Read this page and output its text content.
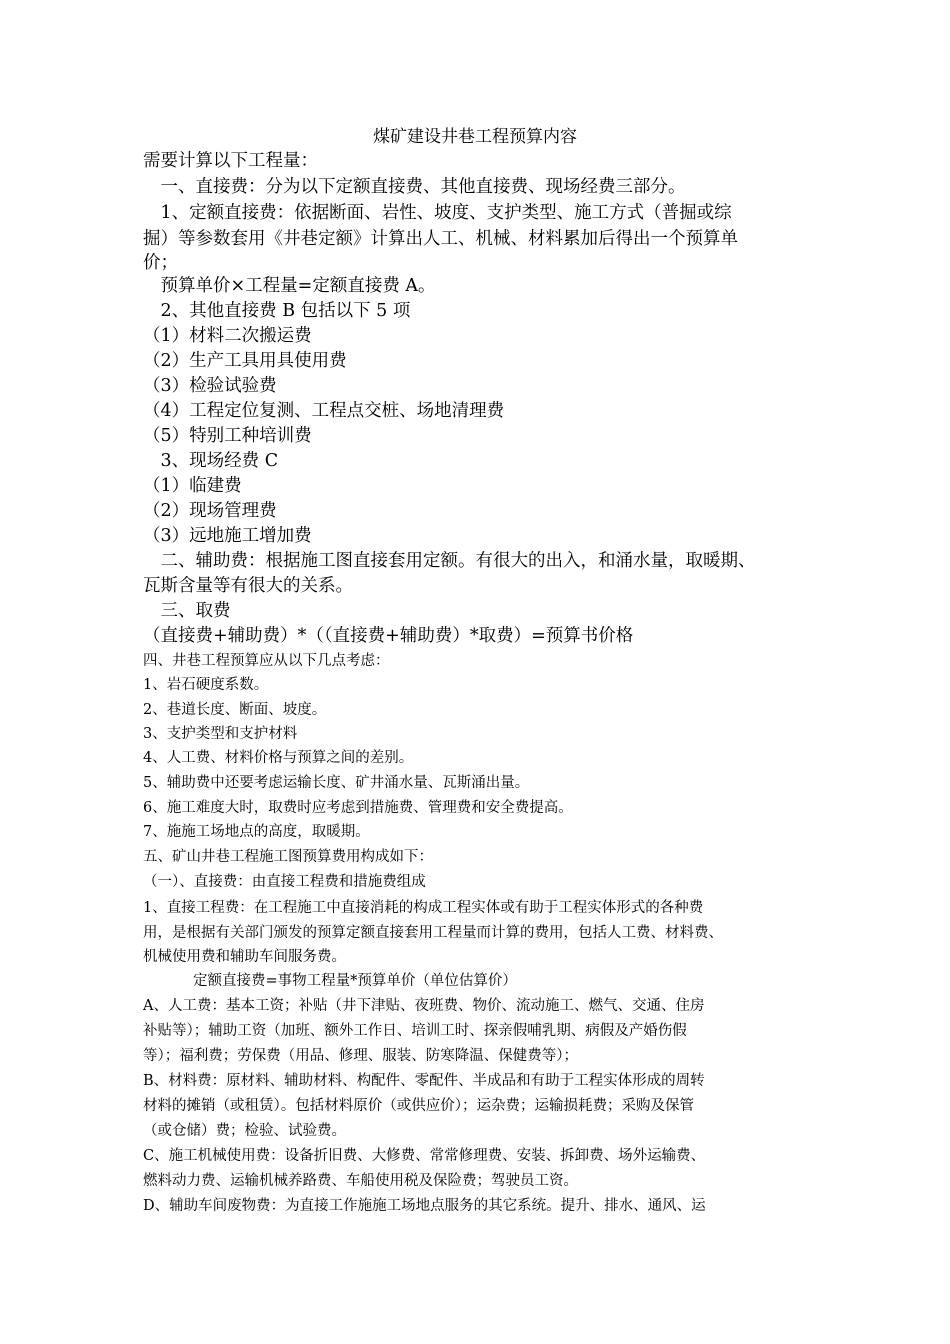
煤矿建设井巷工程预算内容
需要计算以下工程量：
　一、直接费：分为以下定额直接费、其他直接费、现场经费三部分。
　1、定额直接费：依据断面、岩性、坡度、支护类型、施工方式（普掘或综
掘）等参数套用《井巷定额》计算出人工、机械、材料累加后得出一个预算单
价；
　预算单价×工程量=定额直接费 A。
　2、其他直接费 B 包括以下 5 项
（1）材料二次搬运费
（2）生产工具用具使用费
（3）检验试验费
（4）工程定位复测、工程点交桩、场地清理费
（5）特别工种培训费
　3、现场经费 C
（1）临建费
（2）现场管理费
（3）远地施工增加费
　二、辅助费：根据施工图直接套用定额。有很大的出入，和涌水量，取暖期、
瓦斯含量等有很大的关系。
　三、取费
（直接费+辅助费）*（（直接费+辅助费）*取费）=预算书价格
四、井巷工程预算应从以下几点考虑：
1、岩石硬度系数。
2、巷道长度、断面、坡度。
3、支护类型和支护材料
4、人工费、材料价格与预算之间的差别。
5、辅助费中还要考虑运输长度、矿井涌水量、瓦斯涌出量。
6、施工难度大时，取费时应考虑到措施费、管理费和安全费提高。
7、施施工场地点的高度，取暖期。
五、矿山井巷工程施工图预算费用构成如下：
（一）、直接费：由直接工程费和措施费组成
1、直接工程费：在工程施工中直接消耗的构成工程实体或有助于工程实体形式的各种费
用，是根据有关部门颁发的预算定额直接套用工程量而计算的费用，包括人工费、材料费、
机械使用费和辅助车间服务费。
定额直接费=事物工程量*预算单价（单位估算价）
A、人工费：基本工资；补贴（井下津贴、夜班费、物价、流动施工、燃气、交通、住房
补贴等）；辅助工资（加班、额外工作日、培训工时、探亲假哺乳期、病假及产婚伤假
等）；福利费；劳保费（用品、修理、服装、防寒降温、保健费等）；
B、材料费：原材料、辅助材料、构配件、零配件、半成品和有助于工程实体形成的周转
材料的摊销（或租赁）。包括材料原价（或供应价）；运杂费；运输损耗费；采购及保管
（或仓储）费；检验、试验费。
C、施工机械使用费：设备折旧费、大修费、常常修理费、安装、拆卸费、场外运输费、
燃料动力费、运输机械养路费、车船使用税及保险费；驾驶员工资。
D、辅助车间废物费：为直接工作施施工场地点服务的其它系统。提升、排水、通风、运
